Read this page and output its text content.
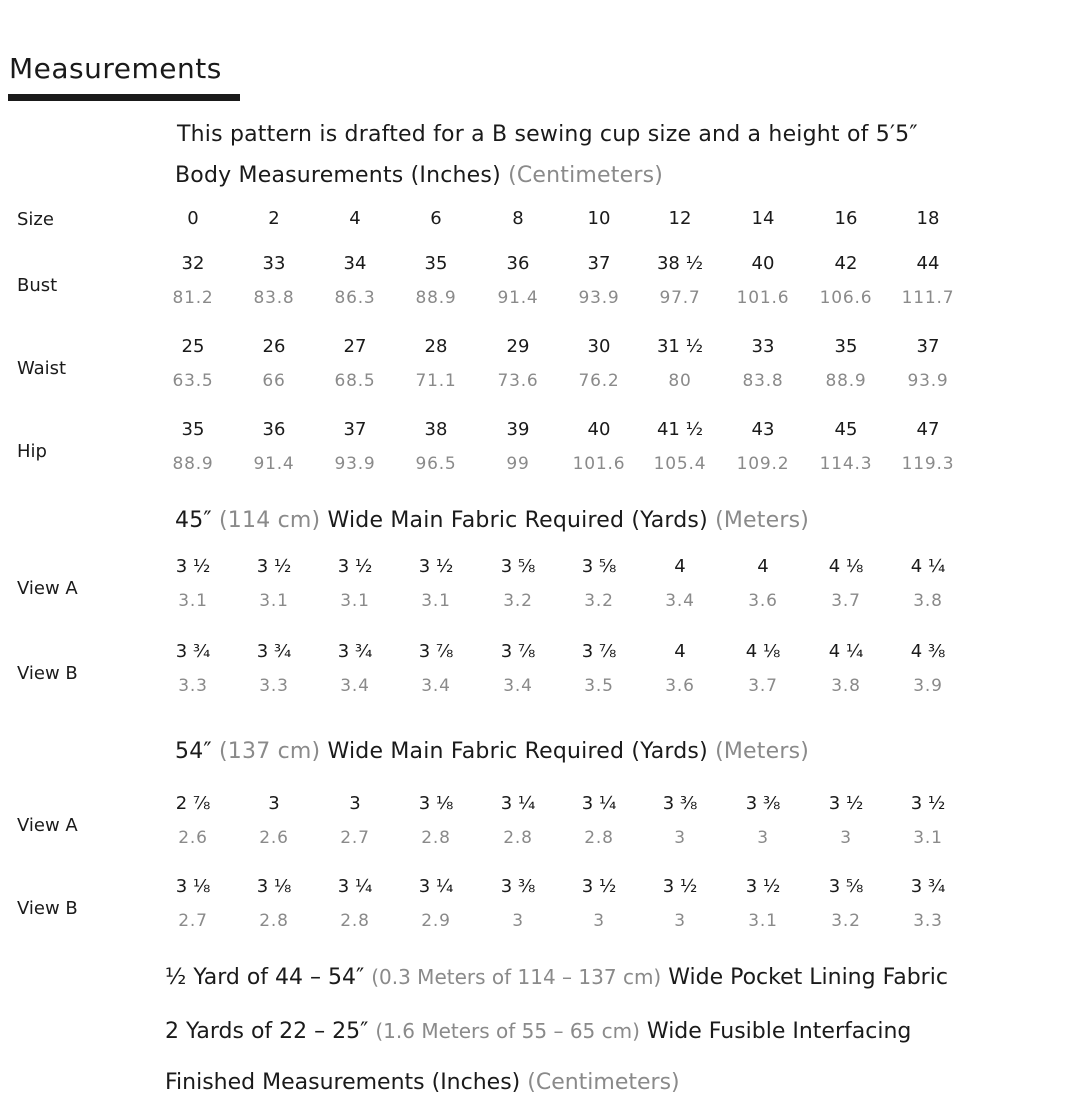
Measurements
This pattern is drafted for a B sewing cup size and a height of 5′5″
Body Measurements (Inches) (Centimeters)
Size	0	2	4	6	8	10	12	14	16	18
Bust
32	33	34	35	36	37	38 ½	40	42	44
81.2 83.8 86.3 88.9 91.4 93.9 97.7 101.6 106.6 111.7
Waist
25	26	27	28	29	30	31 ½	33	35	37
63.5	66	68.5 71.1 73.6 76.2	80	83.8 88.9 93.9
Hip
35	36	37	38	39	40	41 ½	43	45	47
88.9 91.4 93.9 96.5	99	101.6 105.4 109.2 114.3 119.3
45″ (114 cm) Wide Main Fabric Required (Yards) (Meters)
View A
3 ½	3 ½	3 ½	3 ½	3 ⅝	3 ⅝	4	4	4 ⅛	4 ¼
3.1	3.1	3.1	3.1	3.2	3.2	3.4	3.6	3.7	3.8
View B
3 ¾	3 ¾	3 ¾	3 ⅞	3 ⅞	3 ⅞	4	4 ⅛	4 ¼	4 ⅜
3.3	3.3	3.4	3.4	3.4	3.5	3.6	3.7	3.8	3.9
54″ (137 cm) Wide Main Fabric Required (Yards) (Meters)
View A
2 ⅞	3	3	3 ⅛	3 ¼	3 ¼	3 ⅜	3 ⅜	3 ½	3 ½
2.6	2.6	2.7	2.8	2.8	2.8	3	3	3	3.1
View B
3 ⅛	3 ⅛	3 ¼	3 ¼	3 ⅜	3 ½	3 ½	3 ½	3 ⅝	3 ¾
2.7	2.8	2.8	2.9	3	3	3	3.1	3.2	3.3
½ Yard of 44 – 54″ (0.3 Meters of 114 – 137 cm) Wide Pocket Lining Fabric
2 Yards of 22 – 25″ (1.6 Meters of 55 – 65 cm) Wide Fusible Interfacing
Finished Measurements (Inches) (Centimeters)
